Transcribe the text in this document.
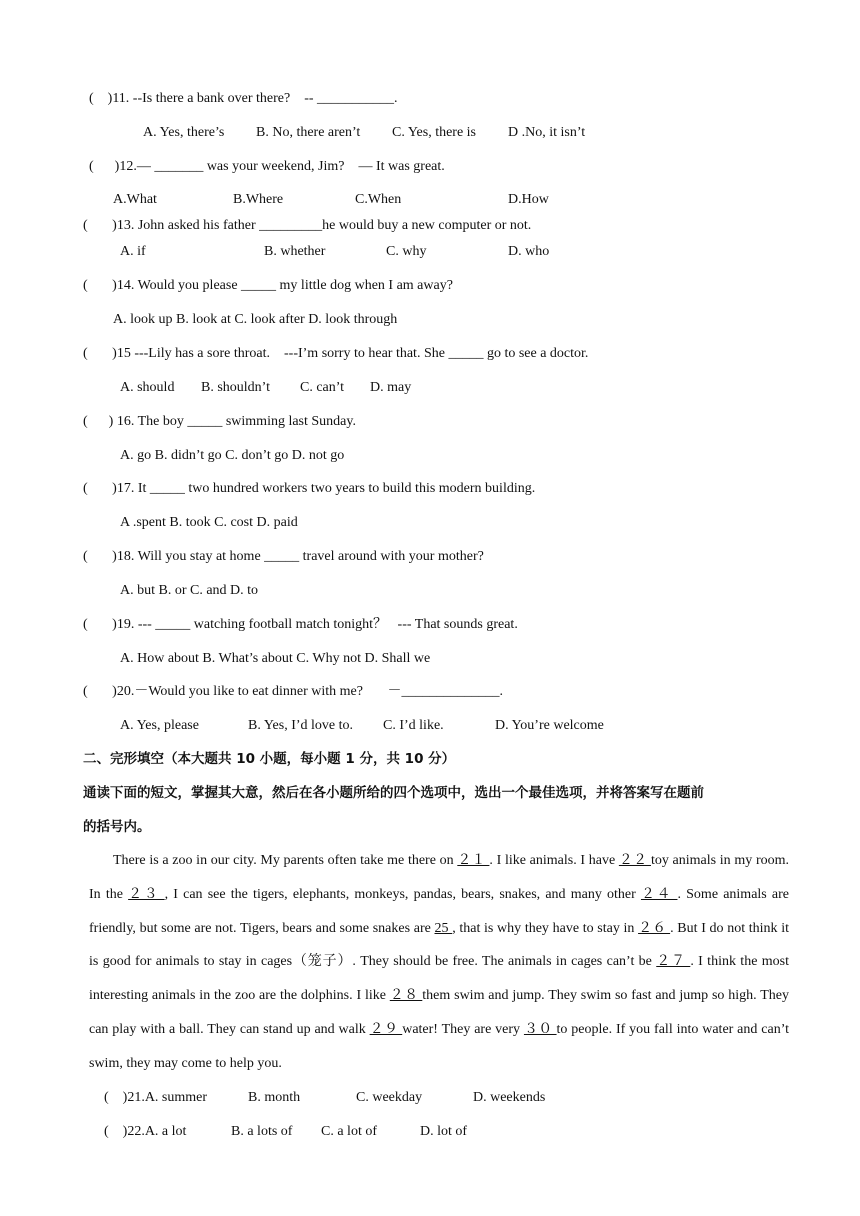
(    )11. --Is there a bank over there?    -- ___________.
A. Yes, there’s B. No, there aren’t C. Yes, there is D .No, it isn’t
(      )12.— _______ was your weekend, Jim?    — It was great.
A.What	B.Where	C.When	D.How
(       )13. John asked his father _________he would buy a new computer or not.
A. if	B. whether	C. why	D. who
(       )14. Would you please _____ my little dog when I am away?
A. look up B. look at C. look after D. look through
(       )15 ---Lily has a sore throat.    ---I’m sorry to hear that. She _____ go to see a doctor.
A. should B. shouldn’t C. can’t D. may
(      ) 16. The boy _____ swimming last Sunday.
A. go B. didn’t go C. don’t go D. not go
(       )17. It _____ two hundred workers two years to build this modern building.
A .spent B. took C. cost D. paid
(       )18. Will you stay at home _____ travel around with your mother?
A. but B. or C. and D. to
(       )19. --- _____ watching football match tonight？   --- That sounds great.
A. How about B. What’s about C. Why not D. Shall we
(       )20.－Would you like to eat dinner with me?       －______________.
A. Yes, please	B. Yes, I’d love to. C. I’d like.	D. You’re welcome
二、完形填空（本大题共 10 小题，每小题 1 分，共 10 分）
通读下面的短文，掌握其大意，然后在各小题所给的四个选项中，选出一个最佳选项，并将答案写在题前
的括号内。

There is a zoo in our city. My parents often take me there on ２１ . I like animals. I have ２２ toy animals in my room. In the ２３ , I can see the tigers, elephants, monkeys, pandas, bears, snakes, and many other ２４ . Some animals are friendly, but some are not. Tigers, bears and some snakes are 25 , that is why they have to stay in ２６ . But I do not think it is good for animals to stay in cages（笼子）. They should be free. The animals in cages can’t be ２７ . I think the most interesting animals in the zoo are the dolphins. I like ２８ them swim and jump. They swim so fast and jump so high. They can play with a ball. They can stand up and walk ２９ water! They are very ３０ to people. If you fall into water and can’t swim, they may come to help you.

(    )21.A. summer	B. month	C. weekday	D. weekends
(    )22.A. a lot	B. a lots of C. a lot of	D. lot of
